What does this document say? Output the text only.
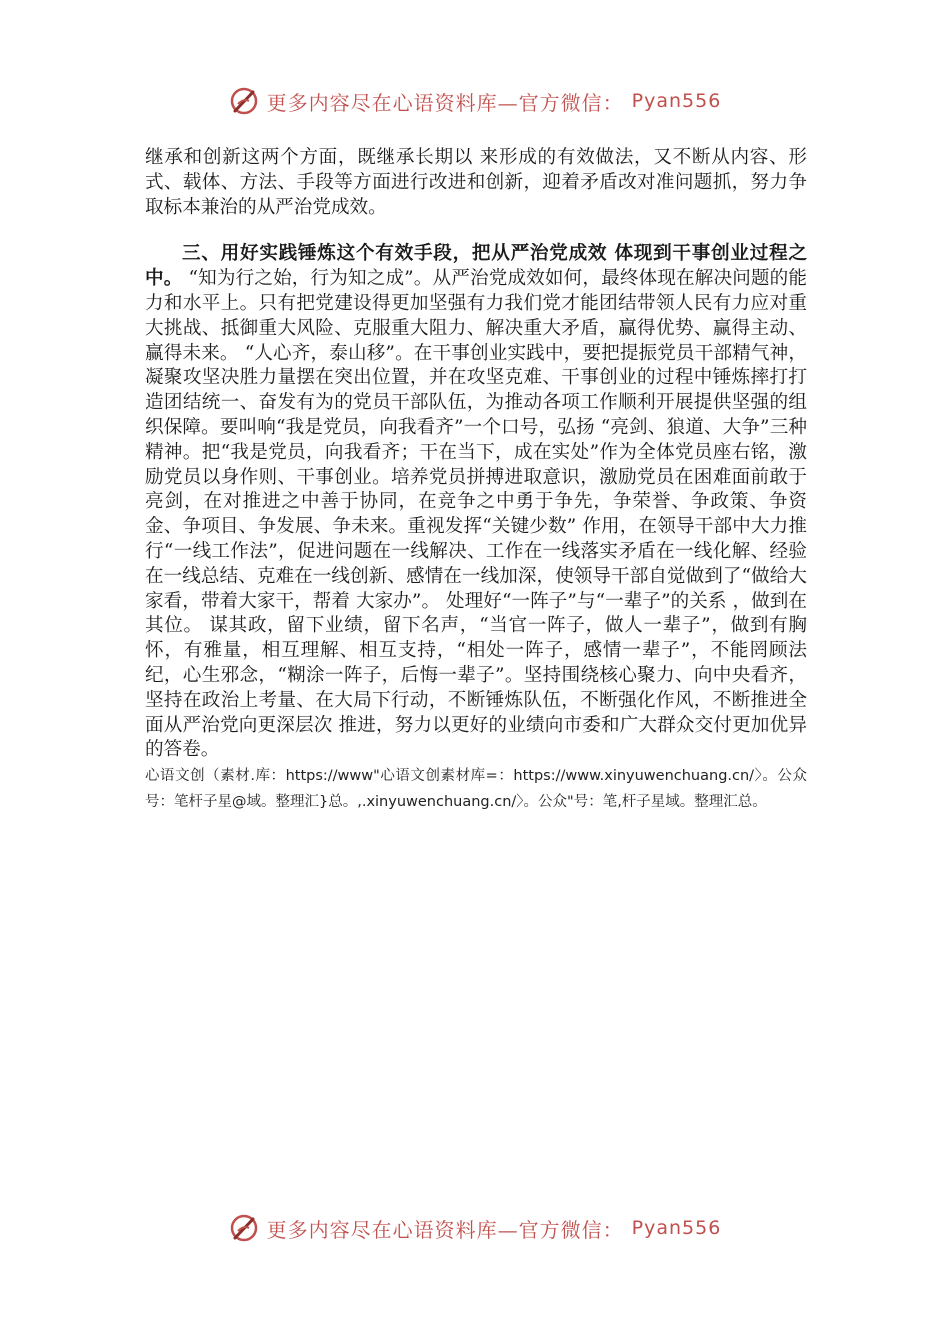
更多内容尽在心语资料库—官方微信： Pyan556

继承和创新这两个方面，既继承长期以 来形成的有效做法，又不断从内容、形式、载体、方法、手段等方面进行改进和创新，迎着矛盾改对准问题抓，努力争取标本兼治的从严治党成效。

三、用好实践锤炼这个有效手段，把从严治党成效 体现到干事创业过程之中。 “知为行之始，行为知之成”。从严治党成效如何，最终体现在解决问题的能力和水平上。只有把党建设得更加坚强有力我们党才能团结带领人民有力应对重大挑战、抵御重大风险、克服重大阻力、解决重大矛盾，赢得优势、赢得主动、赢得未来。 “人心齐，泰山移”。在干事创业实践中，要把提振党员干部精气神，凝聚攻坚决胜力量摆在突出位置，并在攻坚克难、干事创业的过程中锤炼摔打打造团结统一、奋发有为的党员干部队伍，为推动各项工作顺利开展提供坚强的组织保障。要叫响“我是党员，向我看齐”一个口号，弘扬 “亮剑、狼道、大争”三种精神。把“我是党员，向我看齐；干在当下，成在实处”作为全体党员座右铭，激励党员以身作则、干事创业。培养党员拼搏进取意识，激励党员在困难面前敢于亮剑，在对推进之中善于协同，在竞争之中勇于争先，争荣誉、争政策、争资金、争项目、争发展、争未来。重视发挥“关键少数” 作用，在领导干部中大力推行“一线工作法”，促进问题在一线解决、工作在一线落实矛盾在一线化解、经验在一线总结、克难在一线创新、感情在一线加深，使领导干部自觉做到了“做给大家看，带着大家干，帮着 大家办”。 处理好“一阵子”与“一辈子”的关系 ，做到在其位。 谋其政，留下业绩，留下名声，“当官一阵子，做人一辈子”，做到有胸怀，有雅量，相互理解、相互支持，“相处一阵子，感情一辈子”，不能罔顾法纪，心生邪念，“糊涂一阵子，后悔一辈子”。坚持围绕核心聚力、向中央看齐，坚持在政治上考量、在大局下行动，不断锤炼队伍，不断强化作风，不断推进全面从严治党向更深层次 推进，努力以更好的业绩向市委和广大群众交付更加优异的答卷。

心语文创（素材.库：https://www"心语文创素材库=：https://www.xinyuwenchuang.cn/〉。公众号：笔杆子星@域。整理汇}总。,.xinyuwenchuang.cn/〉。公众"号：笔,杆子星域。整理汇总。

更多内容尽在心语资料库—官方微信： Pyan556
